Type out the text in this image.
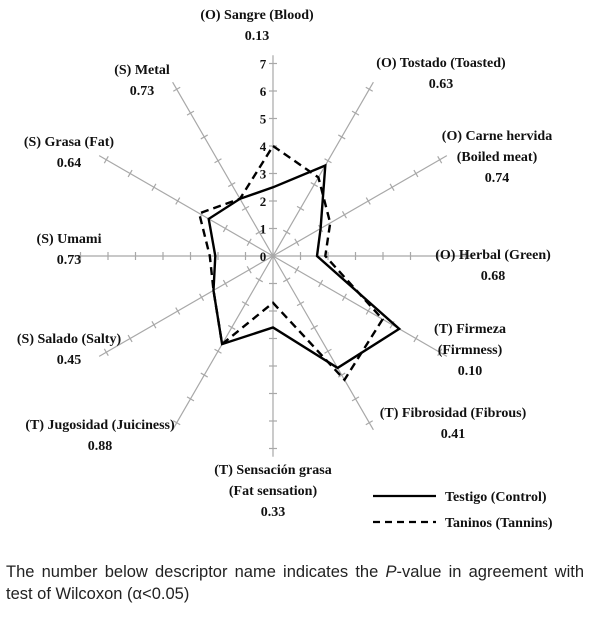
0
1
2
3
4
5
6
7
(O) Sangre (Blood)
0.13
(O) Tostado (Toasted)
0.63
(O) Carne hervida
(Boiled meat)
0.74
(O) Herbal (Green)
0.68
(T) Firmeza
(Firmness)
0.10
(T) Fibrosidad (Fibrous)
0.41
(T) Sensación grasa
(Fat sensation)
0.33
(T) Jugosidad (Juiciness)
0.88
(S) Salado (Salty)
0.45
(S) Umami
0.73
(S) Grasa (Fat)
0.64
(S) Metal
0.73
Testigo (Control)
Taninos (Tannins)
The number below descriptor name indicates the P-value in agreement with test of Wilcoxon (α<0.05)
